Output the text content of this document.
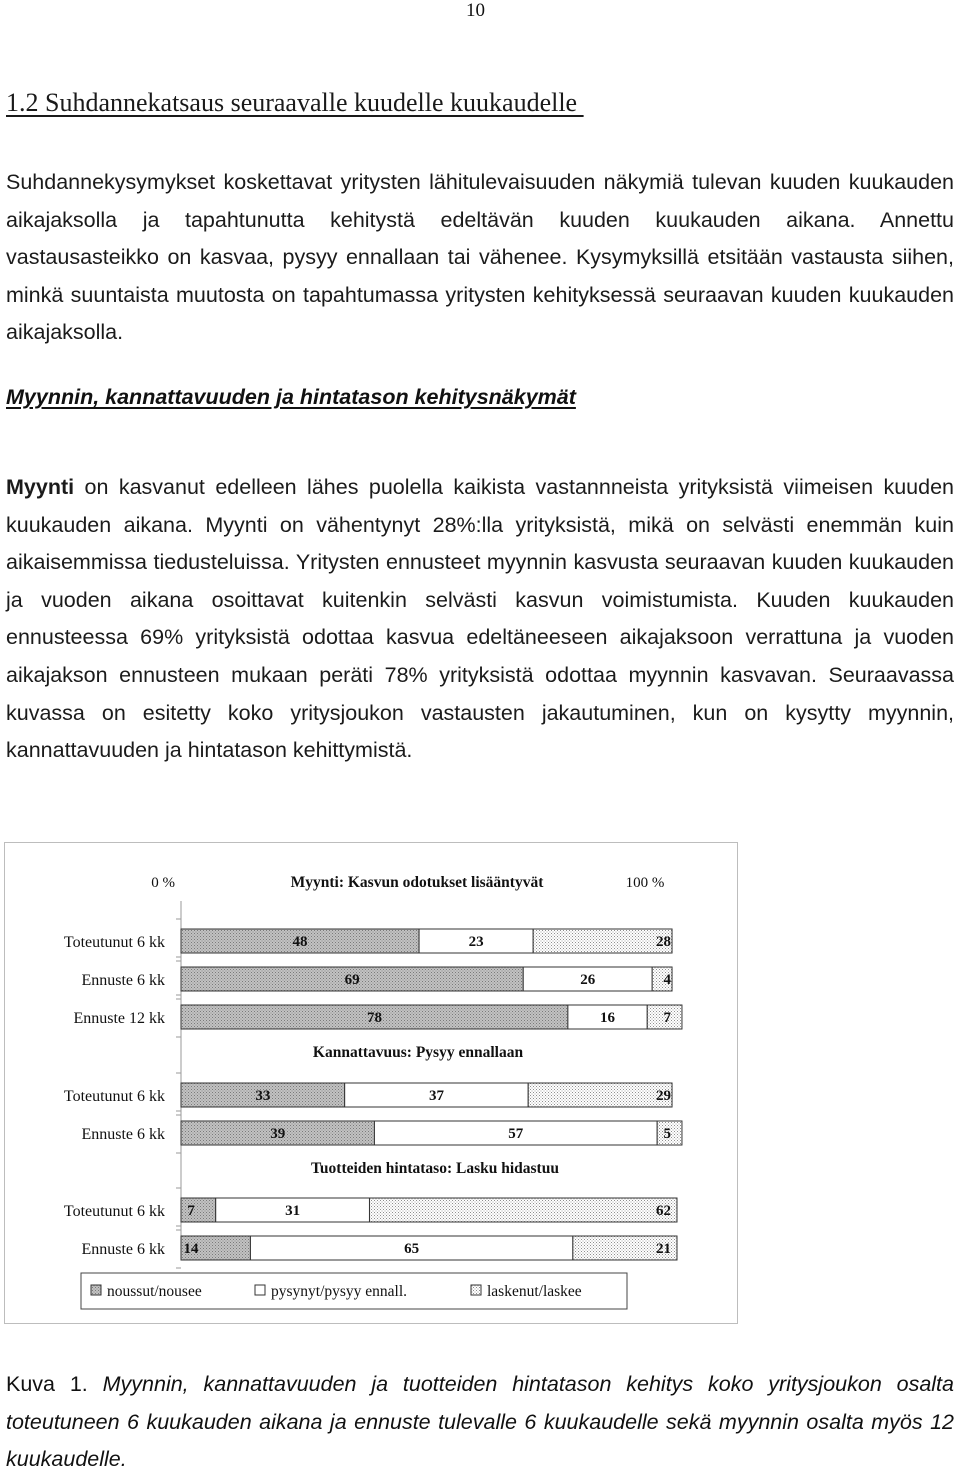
10
1.2 Suhdannekatsaus seuraavalle kuudelle kuukaudelle
Suhdannekysymykset koskettavat yritysten lähitulevaisuuden näkymiä tulevan kuuden kuukauden aikajaksolla ja tapahtunutta kehitystä edeltävän kuuden kuukauden aikana. Annettu vastausasteikko on kasvaa, pysyy ennallaan tai vähenee. Kysymyksillä etsitään vastausta siihen, minkä suuntaista muutosta on tapahtumassa yritysten kehityksessä seuraavan kuuden kuukauden aikajaksolla.
Myynnin, kannattavuuden ja hintatason kehitysnäkymät
Myynti on kasvanut edelleen lähes puolella kaikista vastannneista yrityksistä viimeisen kuuden kuukauden aikana. Myynti on vähentynyt 28%:lla yrityksistä, mikä on selvästi enemmän kuin aikaisemmissa tiedusteluissa. Yritysten ennusteet myynnin kasvusta seuraavan kuuden kuukauden ja vuoden aikana osoittavat kuitenkin selvästi kasvun voimistumista. Kuuden kuukauden ennusteessa 69% yrityksistä odottaa kasvua edeltäneeseen aikajaksoon verrattuna ja vuoden aikajakson ennusteen mukaan peräti 78% yrityksistä odottaa myynnin kasvavan. Seuraavassa kuvassa on esitetty koko yritysjoukon vastausten jakautuminen, kun on kysytty myynnin, kannattavuuden ja hintatason kehittymistä.
0 %	100 %
Myynti: Kasvun odotukset lisääntyvät
Toteutunut 6 kk	48	23	28
Ennuste 6 kk	69	26	4
Ennuste 12 kk	78	16	7
Kannattavuus: Pysyy ennallaan
Toteutunut 6 kk	33	37	29
Ennuste 6 kk	39	57	5
Tuotteiden hintataso: Lasku hidastuu
Toteutunut 6 kk 7	31	62
Ennuste 6 kk 14	65	21
noussut/nousee	pysynyt/pysyy ennall.	laskenut/laskee
Kuva 1. Myynnin, kannattavuuden ja tuotteiden hintatason kehitys koko yritysjoukon osalta toteutuneen 6 kuukauden aikana ja ennuste tulevalle 6 kuukaudelle sekä myynnin osalta myös 12 kuukaudelle.
